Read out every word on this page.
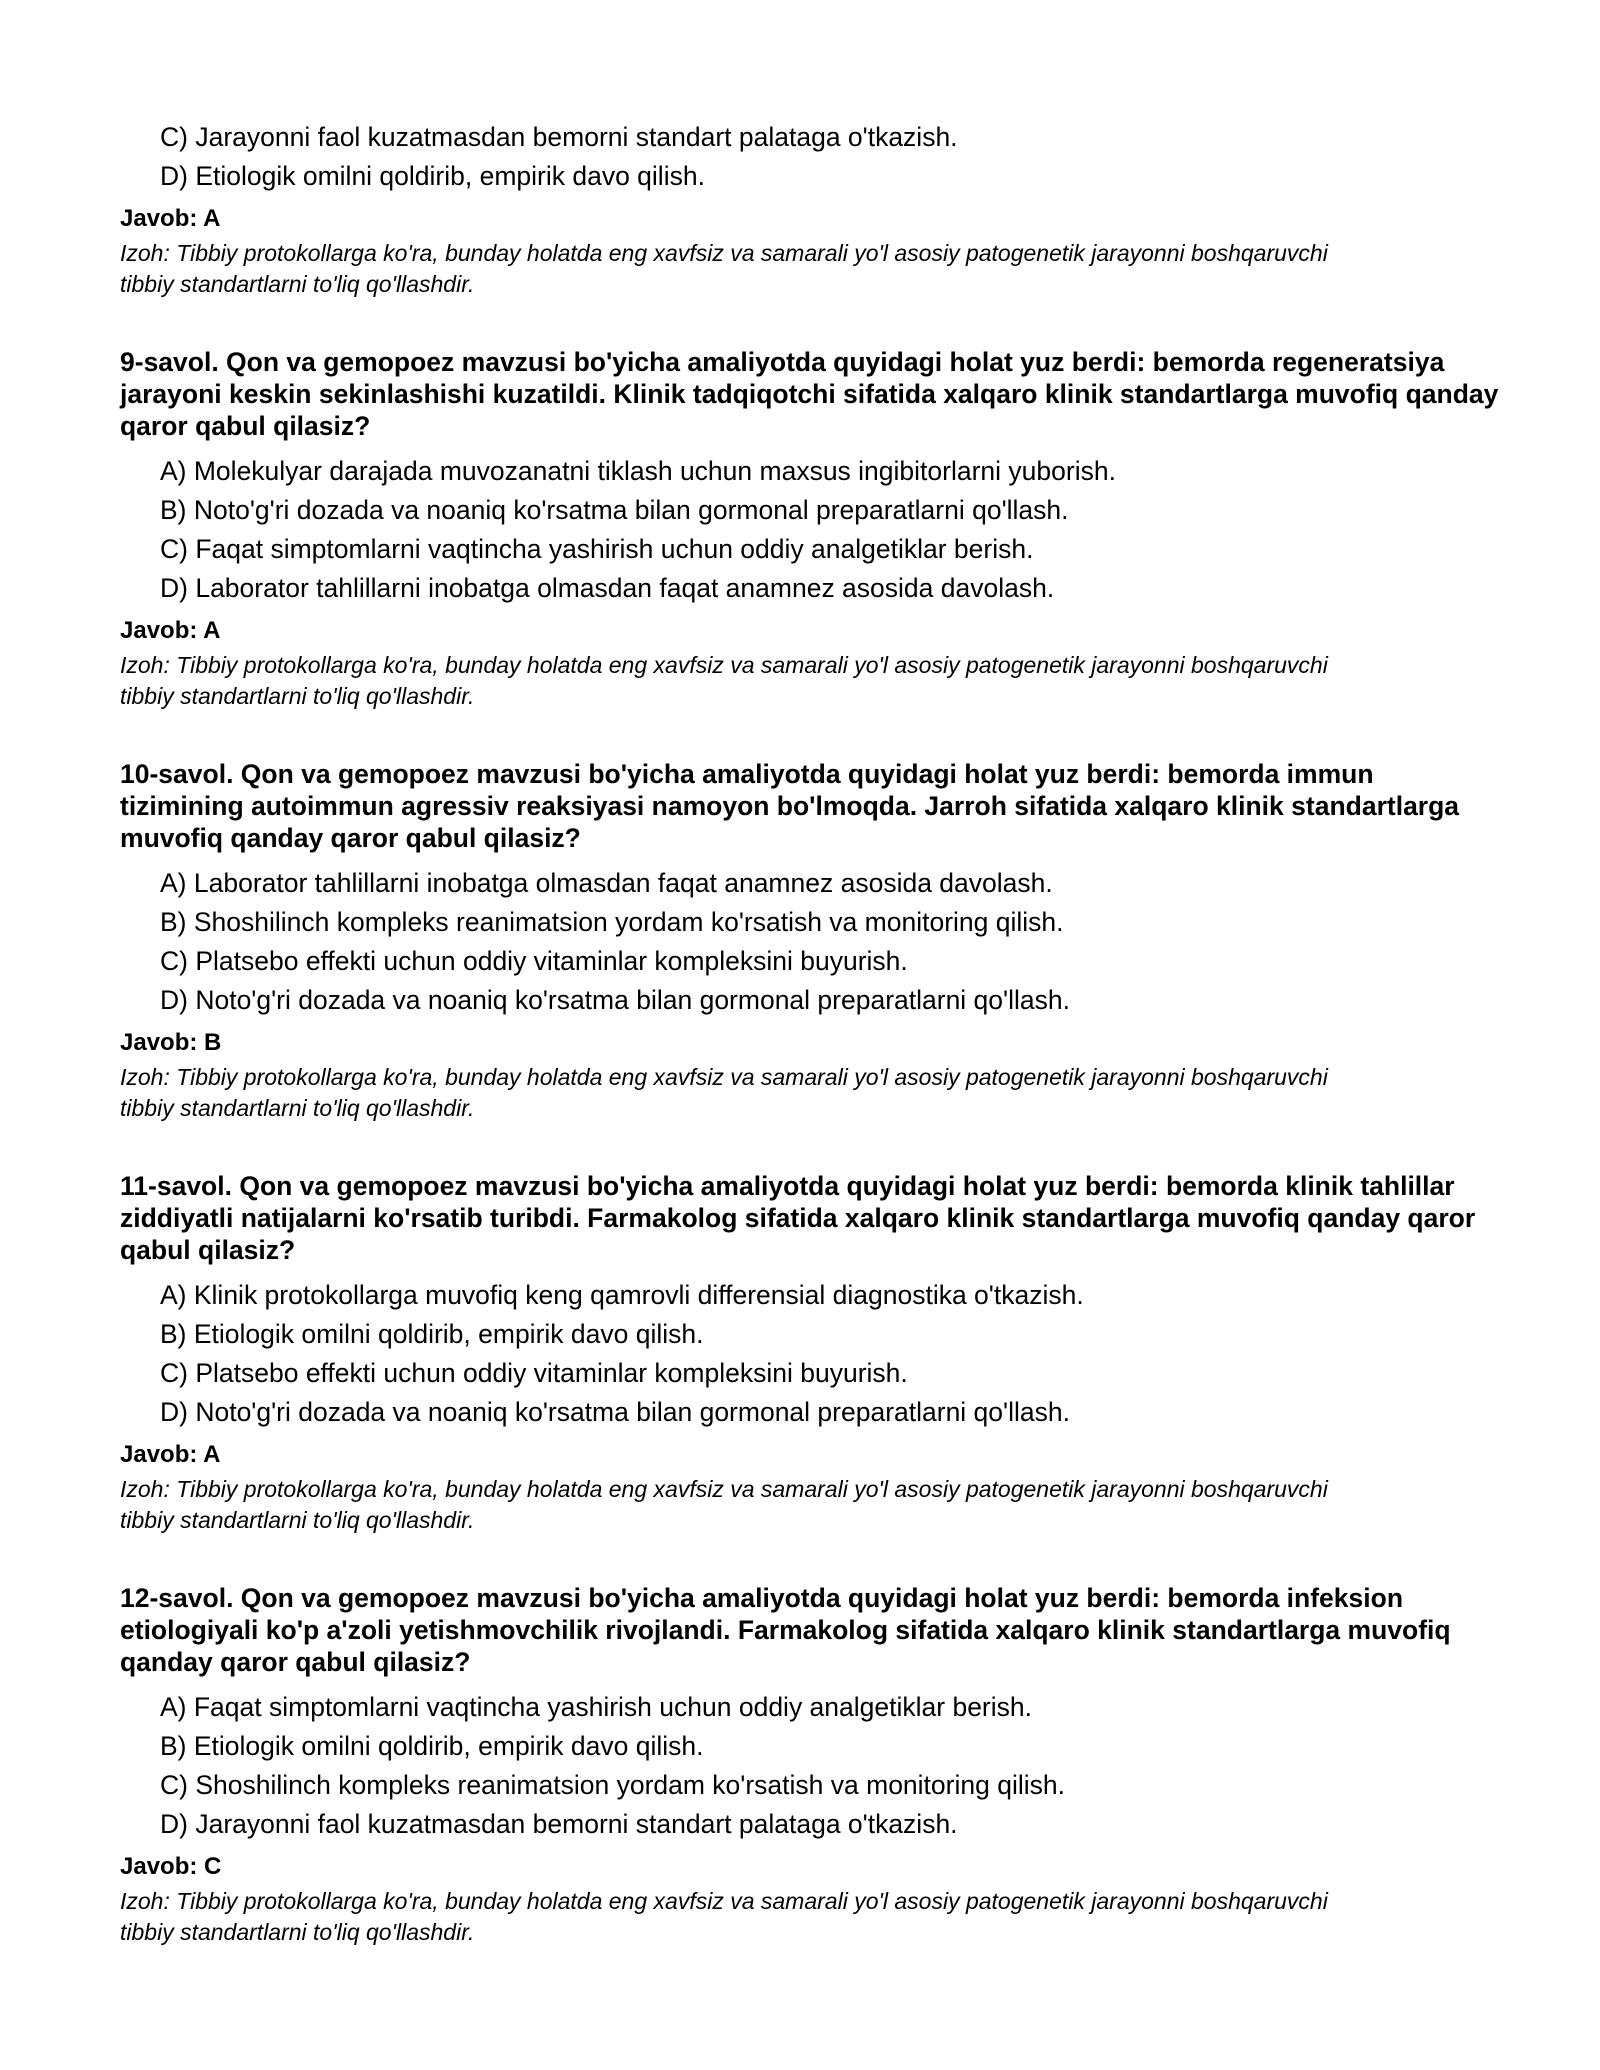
C) Jarayonni faol kuzatmasdan bemorni standart palataga o'tkazish.
D) Etiologik omilni qoldirib, empirik davo qilish.
Javob: A
Izoh: Tibbiy protokollarga ko'ra, bunday holatda eng xavfsiz va samarali yo'l asosiy patogenetik jarayonni boshqaruvchi tibbiy standartlarni to'liq qo'llashdir.
9-savol. Qon va gemopoez mavzusi bo'yicha amaliyotda quyidagi holat yuz berdi: bemorda regeneratsiya jarayoni keskin sekinlashishi kuzatildi. Klinik tadqiqotchi sifatida xalqaro klinik standartlarga muvofiq qanday qaror qabul qilasiz?
A) Molekulyar darajada muvozanatni tiklash uchun maxsus ingibitorlarni yuborish.
B) Noto'g'ri dozada va noaniq ko'rsatma bilan gormonal preparatlarni qo'llash.
C) Faqat simptomlarni vaqtincha yashirish uchun oddiy analgetiklar berish.
D) Laborator tahlillarni inobatga olmasdan faqat anamnez asosida davolash.
Javob: A
Izoh: Tibbiy protokollarga ko'ra, bunday holatda eng xavfsiz va samarali yo'l asosiy patogenetik jarayonni boshqaruvchi tibbiy standartlarni to'liq qo'llashdir.
10-savol. Qon va gemopoez mavzusi bo'yicha amaliyotda quyidagi holat yuz berdi: bemorda immun tizimining autoimmun agressiv reaksiyasi namoyon bo'lmoqda. Jarroh sifatida xalqaro klinik standartlarga muvofiq qanday qaror qabul qilasiz?
A) Laborator tahlillarni inobatga olmasdan faqat anamnez asosida davolash.
B) Shoshilinch kompleks reanimatsion yordam ko'rsatish va monitoring qilish.
C) Platsebo effekti uchun oddiy vitaminlar kompleksini buyurish.
D) Noto'g'ri dozada va noaniq ko'rsatma bilan gormonal preparatlarni qo'llash.
Javob: B
Izoh: Tibbiy protokollarga ko'ra, bunday holatda eng xavfsiz va samarali yo'l asosiy patogenetik jarayonni boshqaruvchi tibbiy standartlarni to'liq qo'llashdir.
11-savol. Qon va gemopoez mavzusi bo'yicha amaliyotda quyidagi holat yuz berdi: bemorda klinik tahlillar ziddiyatli natijalarni ko'rsatib turibdi. Farmakolog sifatida xalqaro klinik standartlarga muvofiq qanday qaror qabul qilasiz?
A) Klinik protokollarga muvofiq keng qamrovli differensial diagnostika o'tkazish.
B) Etiologik omilni qoldirib, empirik davo qilish.
C) Platsebo effekti uchun oddiy vitaminlar kompleksini buyurish.
D) Noto'g'ri dozada va noaniq ko'rsatma bilan gormonal preparatlarni qo'llash.
Javob: A
Izoh: Tibbiy protokollarga ko'ra, bunday holatda eng xavfsiz va samarali yo'l asosiy patogenetik jarayonni boshqaruvchi tibbiy standartlarni to'liq qo'llashdir.
12-savol. Qon va gemopoez mavzusi bo'yicha amaliyotda quyidagi holat yuz berdi: bemorda infeksion etiologiyali ko'p a'zoli yetishmovchilik rivojlandi. Farmakolog sifatida xalqaro klinik standartlarga muvofiq qanday qaror qabul qilasiz?
A) Faqat simptomlarni vaqtincha yashirish uchun oddiy analgetiklar berish.
B) Etiologik omilni qoldirib, empirik davo qilish.
C) Shoshilinch kompleks reanimatsion yordam ko'rsatish va monitoring qilish.
D) Jarayonni faol kuzatmasdan bemorni standart palataga o'tkazish.
Javob: C
Izoh: Tibbiy protokollarga ko'ra, bunday holatda eng xavfsiz va samarali yo'l asosiy patogenetik jarayonni boshqaruvchi tibbiy standartlarni to'liq qo'llashdir.
